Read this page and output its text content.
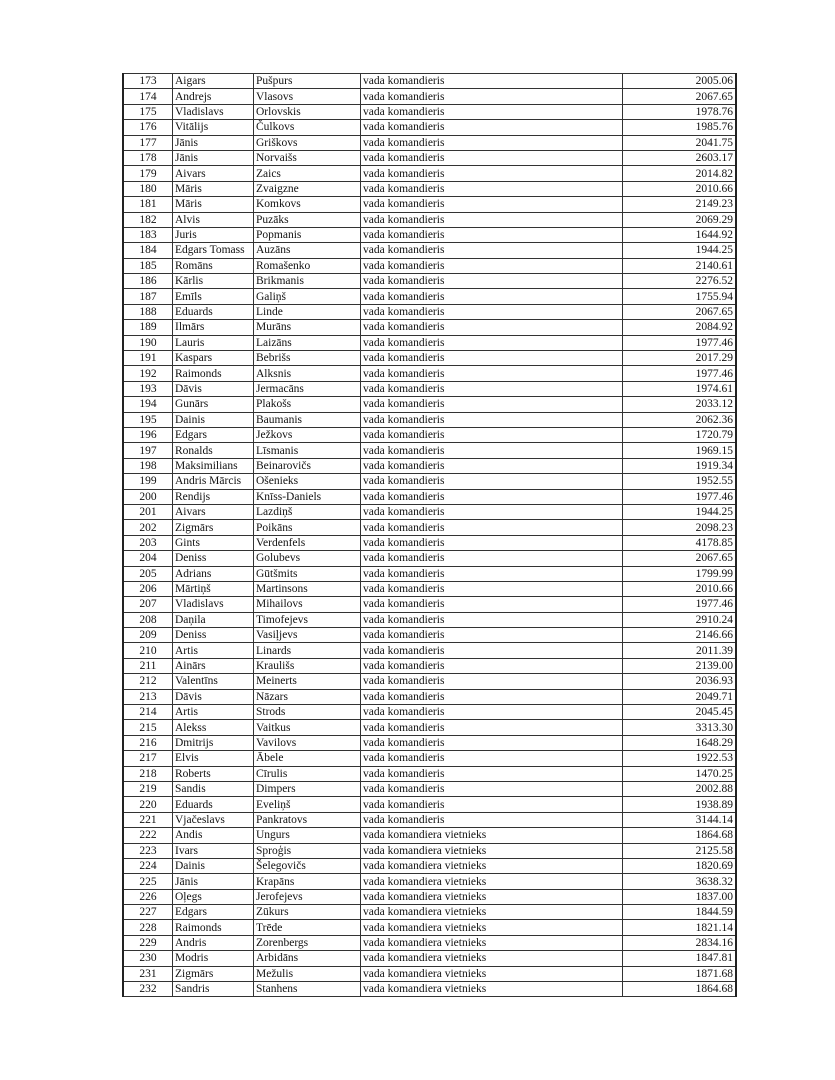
173	Aigars	Pušpurs	vada komandieris	2005.06
174	Andrejs	Vlasovs	vada komandieris	2067.65
175	Vladislavs	Orlovskis	vada komandieris	1978.76
176	Vitālijs	Čulkovs	vada komandieris	1985.76
177	Jānis	Griškovs	vada komandieris	2041.75
178	Jānis	Norvaišs	vada komandieris	2603.17
179	Aivars	Zaics	vada komandieris	2014.82
180	Māris	Zvaigzne	vada komandieris	2010.66
181	Māris	Komkovs	vada komandieris	2149.23
182	Alvis	Puzāks	vada komandieris	2069.29
183	Juris	Popmanis	vada komandieris	1644.92
184	Edgars Tomass	Auzāns	vada komandieris	1944.25
185	Romāns	Romašenko	vada komandieris	2140.61
186	Kārlis	Brikmanis	vada komandieris	2276.52
187	Emīls	Galiņš	vada komandieris	1755.94
188	Eduards	Linde	vada komandieris	2067.65
189	Ilmārs	Murāns	vada komandieris	2084.92
190	Lauris	Laizāns	vada komandieris	1977.46
191	Kaspars	Bebrišs	vada komandieris	2017.29
192	Raimonds	Alksnis	vada komandieris	1977.46
193	Dāvis	Jermacāns	vada komandieris	1974.61
194	Gunārs	Plakošs	vada komandieris	2033.12
195	Dainis	Baumanis	vada komandieris	2062.36
196	Edgars	Ježkovs	vada komandieris	1720.79
197	Ronalds	Līsmanis	vada komandieris	1969.15
198	Maksimilians	Beinarovičs	vada komandieris	1919.34
199	Andris Mārcis	Ošenieks	vada komandieris	1952.55
200	Rendijs	Knīss-Daniels	vada komandieris	1977.46
201	Aivars	Lazdiņš	vada komandieris	1944.25
202	Zigmārs	Poikāns	vada komandieris	2098.23
203	Gints	Verdenfels	vada komandieris	4178.85
204	Deniss	Golubevs	vada komandieris	2067.65
205	Adrians	Gūtšmits	vada komandieris	1799.99
206	Mārtiņš	Martinsons	vada komandieris	2010.66
207	Vladislavs	Mihailovs	vada komandieris	1977.46
208	Daņila	Timofejevs	vada komandieris	2910.24
209	Deniss	Vasiļjevs	vada komandieris	2146.66
210	Artis	Linards	vada komandieris	2011.39
211	Ainārs	Kraulišs	vada komandieris	2139.00
212	Valentīns	Meinerts	vada komandieris	2036.93
213	Dāvis	Nāzars	vada komandieris	2049.71
214	Artis	Strods	vada komandieris	2045.45
215	Alekss	Vaitkus	vada komandieris	3313.30
216	Dmitrijs	Vavilovs	vada komandieris	1648.29
217	Elvis	Ābele	vada komandieris	1922.53
218	Roberts	Cīrulis	vada komandieris	1470.25
219	Sandis	Dimpers	vada komandieris	2002.88
220	Eduards	Eveliņš	vada komandieris	1938.89
221	Vjačeslavs	Pankratovs	vada komandieris	3144.14
222	Andis	Ungurs	vada komandiera vietnieks	1864.68
223	Ivars	Sproģis	vada komandiera vietnieks	2125.58
224	Dainis	Šelegovičs	vada komandiera vietnieks	1820.69
225	Jānis	Krapāns	vada komandiera vietnieks	3638.32
226	Oļegs	Jerofejevs	vada komandiera vietnieks	1837.00
227	Edgars	Zūkurs	vada komandiera vietnieks	1844.59
228	Raimonds	Trēde	vada komandiera vietnieks	1821.14
229	Andris	Zorenbergs	vada komandiera vietnieks	2834.16
230	Modris	Arbidāns	vada komandiera vietnieks	1847.81
231	Zigmārs	Mežulis	vada komandiera vietnieks	1871.68
232	Sandris	Stanhens	vada komandiera vietnieks	1864.68
